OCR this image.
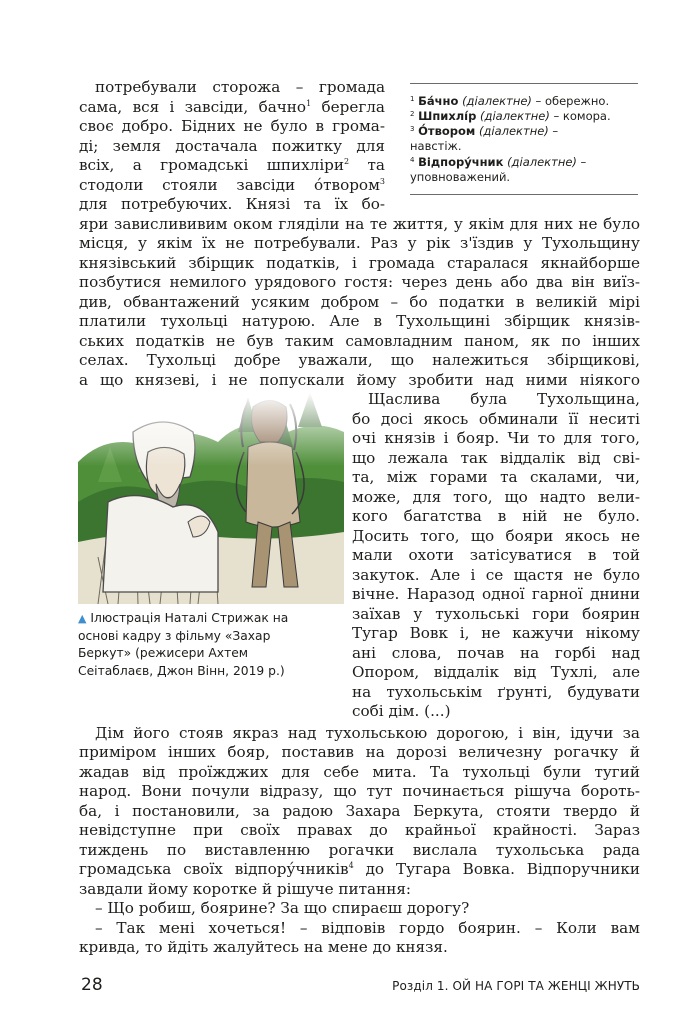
потребували сторожа – громада

сама, вся і завсіди, бачно$^1$ берегла

своє добро. Бідних не було в грома-

ді; земля достачала пожитку для

всіх, а громадські шпихліри$^2$ та

стодоли стояли завсіди о́твором$^3$

для потребуючих. Князі та їх бо-

$^1$ Ба́чно (діалектне) – обережно.

$^2$ Шпихлі́р (діалектне) – комора.

$^3$ О́твором (діалектне) –

навстіж.

$^4$ Відпору́чник (діалектне) –

уповноважений.

яри завислививим оком глядiли на те життя, у якім для них не було

місця, у якім їх не потребували. Раз у рік з'їздив у Тухольщину

князівський збірщик податків, і громада старалася якнайборше

позбутися немилого урядового гостя: через день або два він виїз-

див, обвантажений усяким добром – бо податки в великій мірі

платили тухольці натурою. Але в Тухольщині збірщик князів-

ських податків не був таким самовладним паном, як по інших

селах. Тухольці добре уважали, що належиться збірщикові,

а що князеві, і не попускали йому зробити над ними ніякого

▲ Ілюстрація Наталі Стрижак на
основі кадру з фільму «Захар
Беркут» (режисери Ахтем
Сеітаблаєв, Джон Вінн, 2019 р.)

Щаслива була Тухольщина,

бо досі якось обминали її неситі

очі князів і бояр. Чи то для того,

що лежала так віддалік від сві-

та, між горами та скалами, чи,

може, для того, що надто вели-

кого багатства в ній не було.

Досить того, що бояри якось не

мали охоти затісуватися в той

закуток. Але і се щастя не було

вічне. Наразод одної гарної днини

заїхав у тухольські гори боярин

Тугар Вовк і, не кажучи нікому

ані слова, почав на горбі над

Опором, віддалік від Тухлі, але

на тухольськім ґрунті, будувати

собі дім. (...)

Дім його стояв якраз над тухольською дорогою, і він, ідучи за

приміром інших бояр, поставив на дорозі величезну рогачку й

жадав від проїжджих для себе мита. Та тухольці були тугий

народ. Вони почули відразу, що тут починається рішуча бороть-

ба, і постановили, за радою Захара Беркута, стояти твердо й

невідступне при своїх правах до крайньої крайності. Зараз

тиждень по виставленню рогачки вислала тухольська рада

громадська своїх відпору́чників$^4$ до Тугара Вовка. Відпоручники

завдали йому коротке й рішуче питання:

– Що робиш, боярине? За що спираєш дорогу?

– Так мені хочеться! – відповів гордо боярин. – Коли вам

кривда, то йдіть жалуйтесь на мене до князя.

28	Розділ 1. ОЙ НА ГОРІ ТА ЖЕНЦІ ЖНУТЬ
